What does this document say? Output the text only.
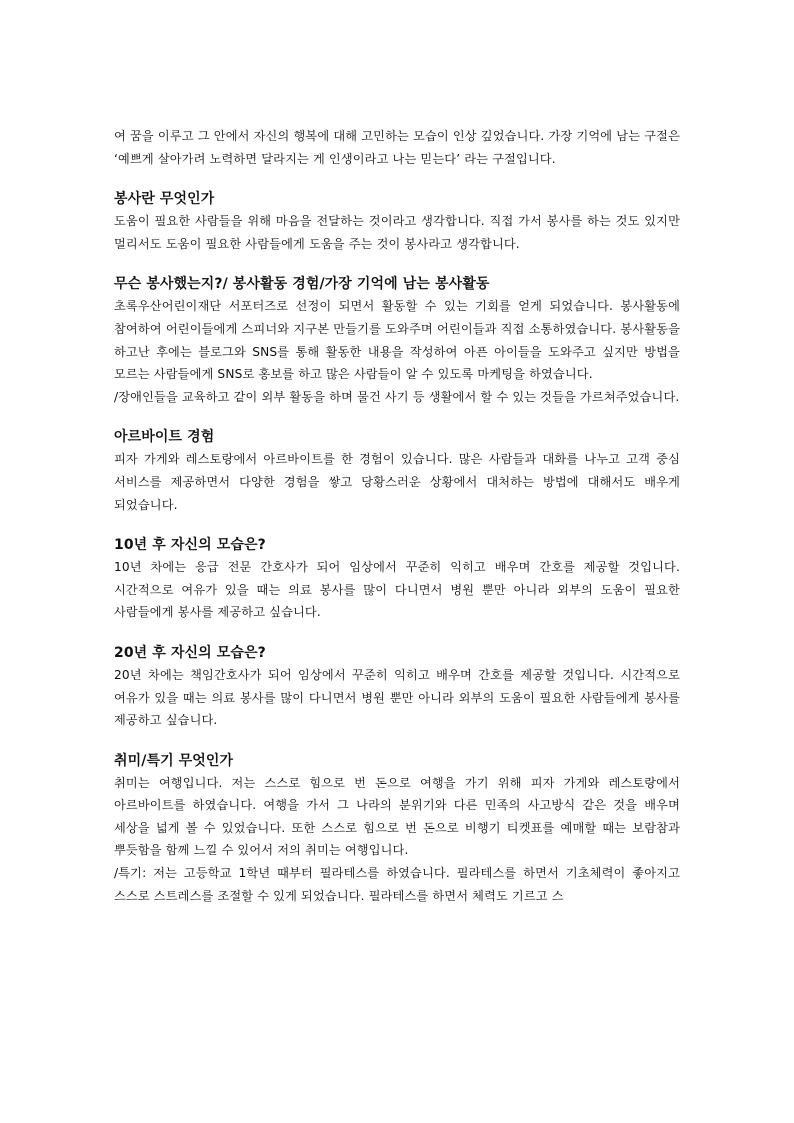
여 꿈을 이루고 그 안에서 자신의 행복에 대해 고민하는 모습이 인상 깊었습니다. 가장 기억에 남는 구절은 ‘예쁘게 살아가려 노력하면 달라지는 게 인생이라고 나는 믿는다’ 라는 구절입니다.

봉사란 무엇인가

도움이 필요한 사람들을 위해 마음을 전달하는 것이라고 생각합니다. 직접 가서 봉사를 하는 것도 있지만 멀리서도 도움이 필요한 사람들에게 도움을 주는 것이 봉사라고 생각합니다.

무슨 봉사했는지?/ 봉사활동 경험/가장 기억에 남는 봉사활동

초록우산어린이재단 서포터즈로 선정이 되면서 활동할 수 있는 기회를 얻게 되었습니다. 봉사활동에 참여하여 어린이들에게 스피너와 지구본 만들기를 도와주며 어린이들과 직접 소통하였습니다. 봉사활동을 하고난 후에는 블로그와 SNS를 통해 활동한 내용을 작성하여 아픈 아이들을 도와주고 싶지만 방법을 모르는 사람들에게 SNS로 홍보를 하고 많은 사람들이 알 수 있도록 마케팅을 하였습니다.

/장애인들을 교육하고 같이 외부 활동을 하며 물건 사기 등 생활에서 할 수 있는 것들을 가르쳐주었습니다.

아르바이트 경험

피자 가게와 레스토랑에서 아르바이트를 한 경험이 있습니다. 많은 사람들과 대화를 나누고 고객 중심 서비스를 제공하면서 다양한 경험을 쌓고 당황스러운 상황에서 대처하는 방법에 대해서도 배우게 되었습니다.

10년 후 자신의 모습은?

10년 차에는 응급 전문 간호사가 되어 임상에서 꾸준히 익히고 배우며 간호를 제공할 것입니다. 시간적으로 여유가 있을 때는 의료 봉사를 많이 다니면서 병원 뿐만 아니라 외부의 도움이 필요한 사람들에게 봉사를 제공하고 싶습니다.

20년 후 자신의 모습은?

20년 차에는 책임간호사가 되어 임상에서 꾸준히 익히고 배우며 간호를 제공할 것입니다. 시간적으로 여유가 있을 때는 의료 봉사를 많이 다니면서 병원 뿐만 아니라 외부의 도움이 필요한 사람들에게 봉사를 제공하고 싶습니다.

취미/특기 무엇인가

취미는 여행입니다. 저는 스스로 힘으로 번 돈으로 여행을 가기 위해 피자 가게와 레스토랑에서 아르바이트를 하였습니다. 여행을 가서 그 나라의 분위기와 다른 민족의 사고방식 같은 것을 배우며 세상을 넓게 볼 수 있었습니다. 또한 스스로 힘으로 번 돈으로 비행기 티켓표를 예매할 때는 보람참과 뿌듯함을 함께 느낄 수 있어서 저의 취미는 여행입니다.

/특기: 저는 고등학교 1학년 때부터 필라테스를 하였습니다. 필라테스를 하면서 기초체력이 좋아지고 스스로 스트레스를 조절할 수 있게 되었습니다. 필라테스를 하면서 체력도 기르고 스
